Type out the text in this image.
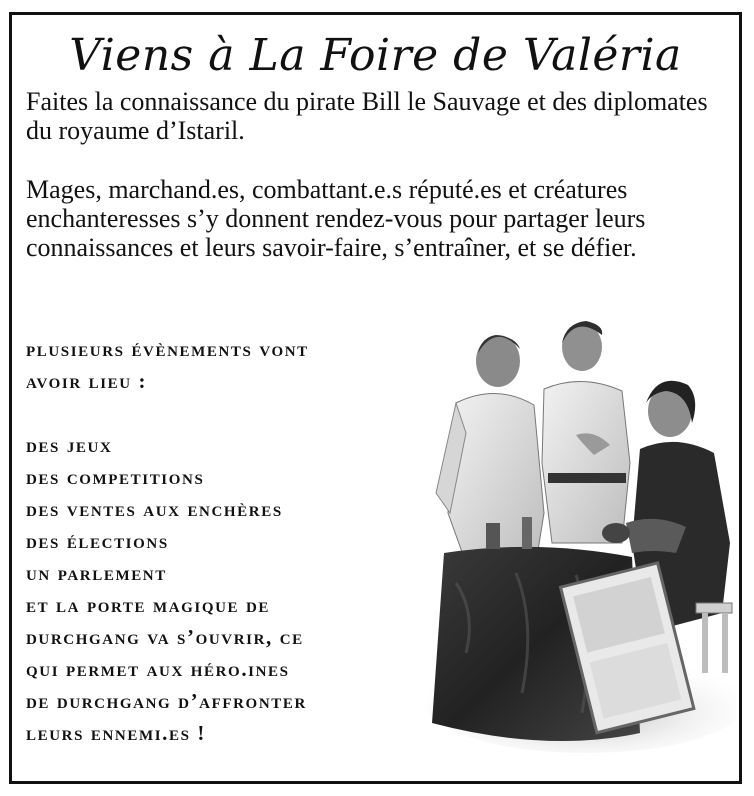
Viens à La Foire de Valéria

Faites la connaissance du pirate Bill le Sauvage et des diplomates du royaume d’Istaril.

Mages, marchand.es, combattant.e.s réputé.es et créatures enchanteresses s’y donnent rendez-vous pour partager leurs connaissances et leurs savoir-faire, s’entraîner, et se défier.

plusieurs évènements vont
avoir lieu :
des jeux
des competitions
des ventes aux enchères
des élections
un parlement
et la porte magique de
durchgang va s’ouvrir, ce
qui permet aux héro.ines
de durchgang d’affronter
leurs ennemi.es !
